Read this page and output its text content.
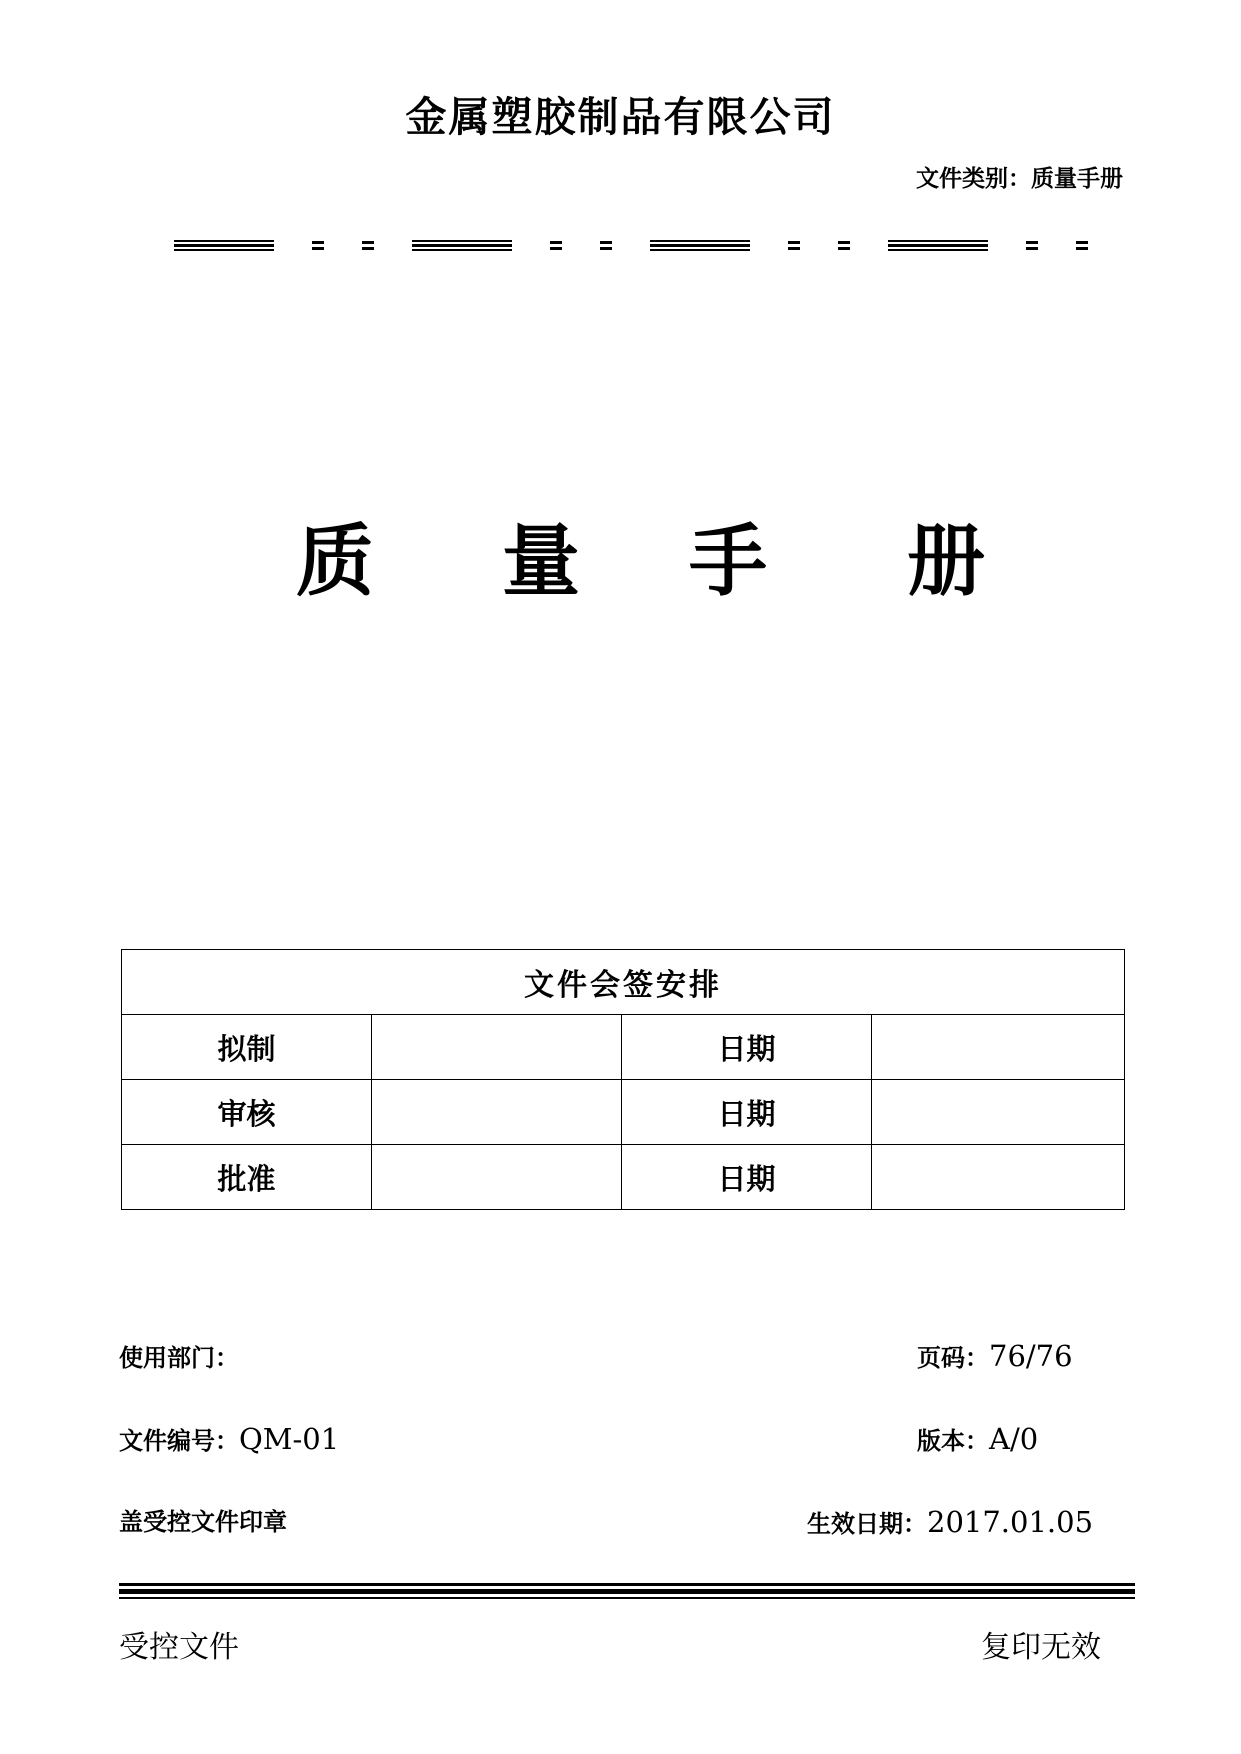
金属塑胶制品有限公司
文件类别：质量手册
质 量 手 册
文件会签安排			
拟制		日期	
审核		日期	
批准		日期	
使用部门：	页码：76/76
文件编号：QM-01	版本：A/0
盖受控文件印章	生效日期：2017.01.05
受控文件	复印无效
